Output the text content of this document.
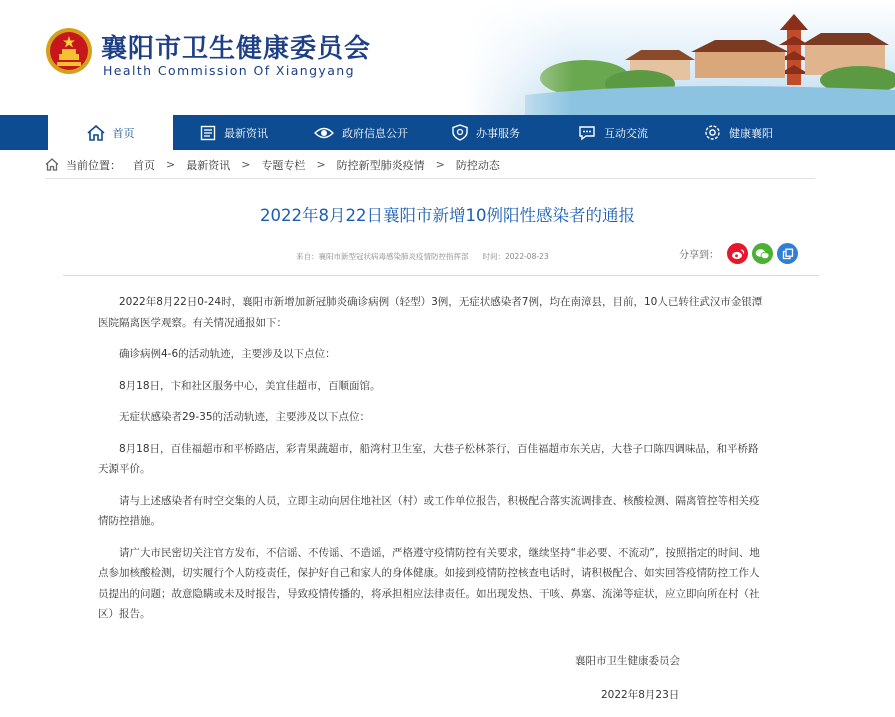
襄阳市卫生健康委员会
Health Commission Of Xiangyang
首页	最新资讯	政府信息公开	办事服务	互动交流	健康襄阳
当前位置： 首页 > 最新资讯 > 专题专栏 > 防控新型肺炎疫情 > 防控动态
2022年8月22日襄阳市新增10例阳性感染者的通报
来自：襄阳市新型冠状病毒感染肺炎疫情防控指挥部 时间：2022-08-23	分享到：

2022年8月22日0-24时，襄阳市新增加新冠肺炎确诊病例（轻型）3例，无症状感染者7例，均在南漳县，目前，10人已转往武汉市金银潭医院隔离医学观察。有关情况通报如下：

确诊病例4-6的活动轨迹，主要涉及以下点位：

8月18日，卞和社区服务中心，美宜佳超市，百顺面馆。

无症状感染者29-35的活动轨迹，主要涉及以下点位：

8月18日，百佳福超市和平桥路店，彩青果蔬超市，船湾村卫生室，大巷子松林茶行，百佳福超市东关店，大巷子口陈四调味品，和平桥路天源平价。

请与上述感染者有时空交集的人员，立即主动向居住地社区（村）或工作单位报告，积极配合落实流调排查、核酸检测、隔离管控等相关疫情防控措施。

请广大市民密切关注官方发布，不信谣、不传谣、不造谣，严格遵守疫情防控有关要求，继续坚持“非必要、不流动”，按照指定的时间、地点参加核酸检测，切实履行个人防疫责任，保护好自己和家人的身体健康。如接到疫情防控核查电话时，请积极配合、如实回答疫情防控工作人员提出的问题；故意隐瞒或未及时报告，导致疫情传播的，将承担相应法律责任。如出现发热、干咳、鼻塞、流涕等症状，应立即向所在村（社区）报告。

襄阳市卫生健康委员会
2022年8月23日
